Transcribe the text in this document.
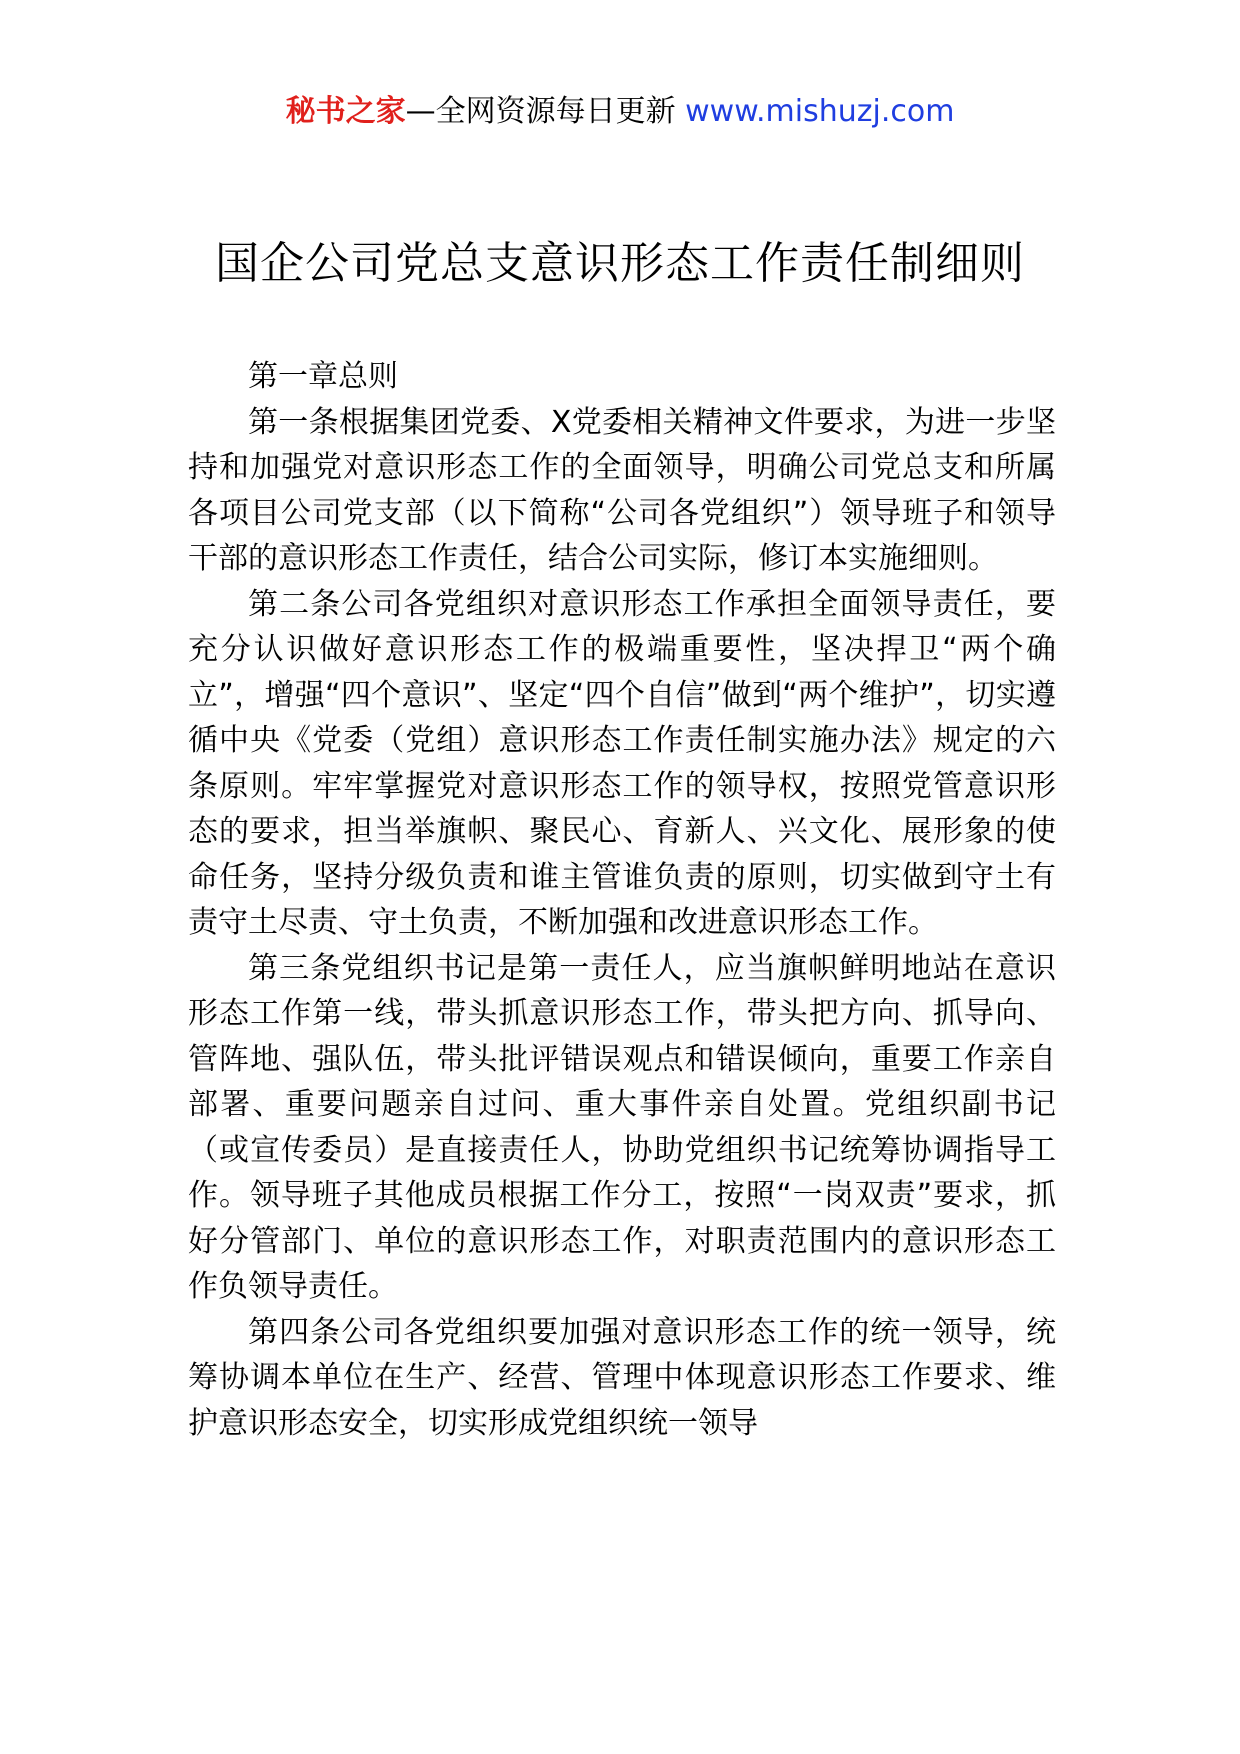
秘书之家—全网资源每日更新 www.mishuzj.com
国企公司党总支意识形态工作责任制细则

第一章总则

第一条根据集团党委、X党委相关精神文件要求，为进一步坚持和加强党对意识形态工作的全面领导，明确公司党总支和所属各项目公司党支部（以下简称“公司各党组织”）领导班子和领导干部的意识形态工作责任，结合公司实际，修订本实施细则。

第二条公司各党组织对意识形态工作承担全面领导责任，要充分认识做好意识形态工作的极端重要性，坚决捍卫“两个确立”，增强“四个意识”、坚定“四个自信”做到“两个维护”，切实遵循中央《党委（党组）意识形态工作责任制实施办法》规定的六条原则。牢牢掌握党对意识形态工作的领导权，按照党管意识形态的要求，担当举旗帜、聚民心、育新人、兴文化、展形象的使命任务，坚持分级负责和谁主管谁负责的原则，切实做到守土有责守土尽责、守土负责，不断加强和改进意识形态工作。

第三条党组织书记是第一责任人，应当旗帜鲜明地站在意识形态工作第一线，带头抓意识形态工作，带头把方向、抓导向、管阵地、强队伍，带头批评错误观点和错误倾向，重要工作亲自部署、重要问题亲自过问、重大事件亲自处置。党组织副书记（或宣传委员）是直接责任人，协助党组织书记统筹协调指导工作。领导班子其他成员根据工作分工，按照“一岗双责”要求，抓好分管部门、单位的意识形态工作，对职责范围内的意识形态工作负领导责任。

第四条公司各党组织要加强对意识形态工作的统一领导，统筹协调本单位在生产、经营、管理中体现意识形态工作要求、维护意识形态安全，切实形成党组织统一领导
